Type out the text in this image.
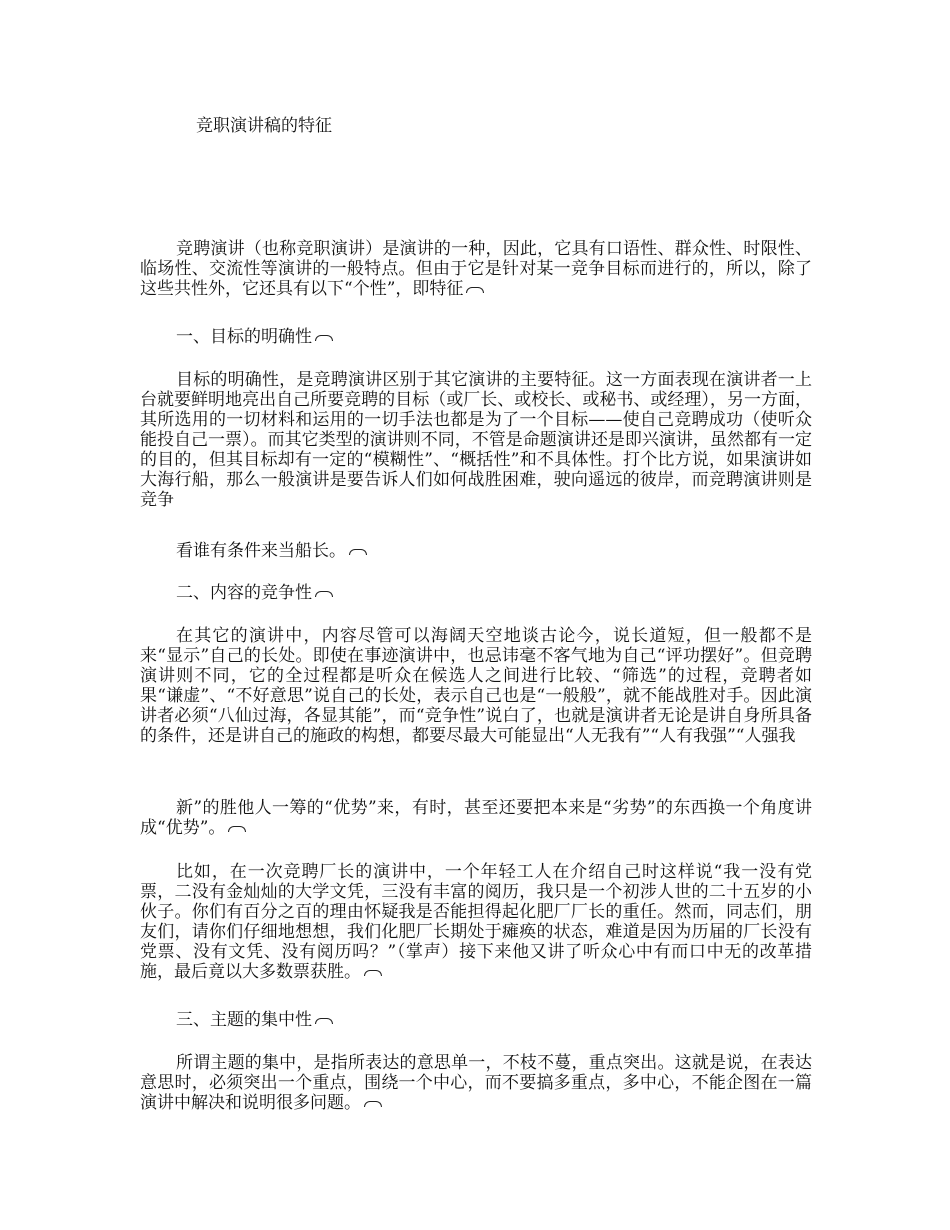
竞职演讲稿的特征
竞聘演讲（也称竞职演讲）是演讲的一种，因此，它具有口语性、群众性、时限性、临场性、交流性等演讲的一般特点。但由于它是针对某一竞争目标而进行的，所以，除了这些共性外，它还具有以下“个性”，即特征
一、目标的明确性
目标的明确性，是竞聘演讲区别于其它演讲的主要特征。这一方面表现在演讲者一上台就要鲜明地亮出自己所要竞聘的目标（或厂长、或校长、或秘书、或经理），另一方面，其所选用的一切材料和运用的一切手法也都是为了一个目标——使自己竞聘成功（使听众能投自己一票）。而其它类型的演讲则不同，不管是命题演讲还是即兴演讲，虽然都有一定的目的，但其目标却有一定的“模糊性”、“概括性”和不具体性。打个比方说，如果演讲如大海行船，那么一般演讲是要告诉人们如何战胜困难，驶向遥远的彼岸，而竞聘演讲则是竞争
看谁有条件来当船长。
二、内容的竞争性
在其它的演讲中，内容尽管可以海阔天空地谈古论今，说长道短，但一般都不是来“显示”自己的长处。即使在事迹演讲中，也忌讳毫不客气地为自己“评功摆好”。但竞聘演讲则不同，它的全过程都是听众在候选人之间进行比较、“筛选”的过程，竞聘者如果“谦虚”、“不好意思”说自己的长处，表示自己也是“一般般”，就不能战胜对手。因此演讲者必须“八仙过海，各显其能”，而“竞争性”说白了，也就是演讲者无论是讲自身所具备的条件，还是讲自己的施政的构想，都要尽最大可能显出“人无我有”“人有我强”“人强我
新”的胜他人一筹的“优势”来，有时，甚至还要把本来是“劣势”的东西换一个角度讲成“优势”。
比如，在一次竞聘厂长的演讲中，一个年轻工人在介绍自己时这样说“我一没有党票，二没有金灿灿的大学文凭，三没有丰富的阅历，我只是一个初涉人世的二十五岁的小伙子。你们有百分之百的理由怀疑我是否能担得起化肥厂厂长的重任。然而，同志们，朋友们，请你们仔细地想想，我们化肥厂长期处于瘫痪的状态，难道是因为历届的厂长没有党票、没有文凭、没有阅历吗？”（掌声）接下来他又讲了听众心中有而口中无的改革措施，最后竟以大多数票获胜。
三、主题的集中性
所谓主题的集中，是指所表达的意思单一，不枝不蔓，重点突出。这就是说，在表达意思时，必须突出一个重点，围绕一个中心，而不要搞多重点，多中心，不能企图在一篇演讲中解决和说明很多问题。
